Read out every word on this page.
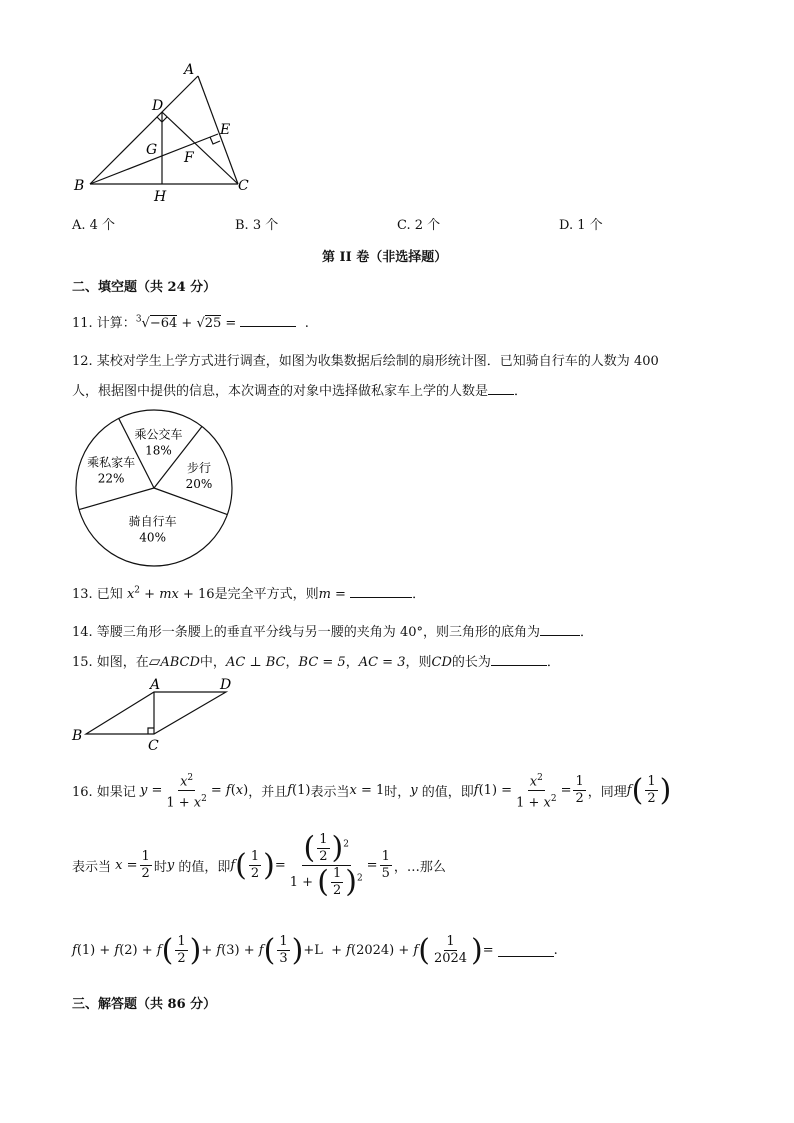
A
D
E
G F
B	C
H
A. 4 个	B. 3 个	C. 2 个	D. 1 个
第 II 卷（非选择题）
二、填空题（共 24 分）
11. 计算：$^3$√−64 + √25 =	.
12. 某校对学生上学方式进行调查，如图为收集数据后绘制的扇形统计图．已知骑自行车的人数为 400
人，根据图中提供的信息，本次调查的对象中选择做私家车上学的人数是 ．
乘公交车
18%
步行
20%
骑自行车
40%
乘私家车
22%
13. 已知 $x^2$ + mx + 16是完全平方式，则m =	．
14. 等腰三角形一条腰上的垂直平分线与另一腰的夹角为 40°，则三角形的底角为	．
15. 如图，在▱ABCD中，AC ⊥ BC，BC = 5，AC = 3，则CD的长为	．
A	D
B
C
16. 如果记
$y = \frac{x^2}{1 + x^2} = f$ ( x ) ，并且 f (1) 表示当 x = 1 时， y
的值，即 f $(1) = \frac{x^2}{1 + x^2} = \frac{1}{2}$ ，同理 f ( $\frac{1}{2}$ )
表示当
$x = \frac{1}{2}$ 时 y
的值，即 f ( $\frac{1}{2}$ ) = $\frac{( \frac{1}{2} )^2}{1 + ( \frac{1}{2} )^2} = \frac{1}{5}$ ，…那么
f (1) + f (2) + f ( $\frac{1}{2}$ ) + f (3) + f ( $\frac{1}{3}$ ) + L + f ( 2024 ) + f ( $\frac{1}{2024}$ ) =	.
三、解答题（共 86 分）
